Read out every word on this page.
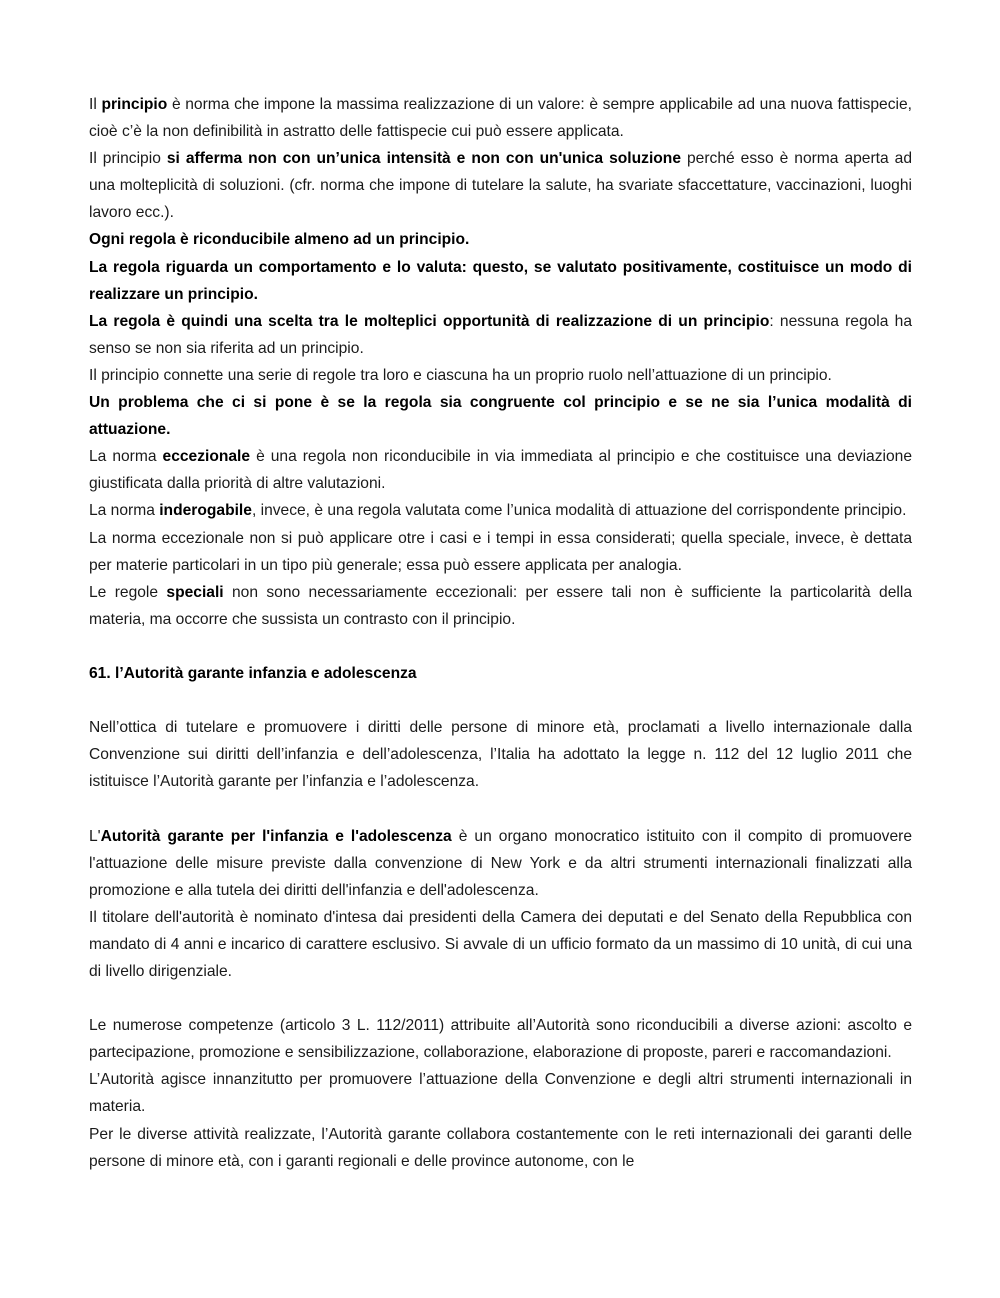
Il principio è norma che impone la massima realizzazione di un valore: è sempre applicabile ad una nuova fattispecie, cioè c’è la non definibilità in astratto delle fattispecie cui può essere applicata.

Il principio si afferma non con un’unica intensità e non con un'unica soluzione perché esso è norma aperta ad una molteplicità di soluzioni. (cfr. norma che impone di tutelare la salute, ha svariate sfaccettature, vaccinazioni, luoghi lavoro ecc.).

Ogni regola è riconducibile almeno ad un principio.

La regola riguarda un comportamento e lo valuta: questo, se valutato positivamente, costituisce un modo di realizzare un principio.

La regola è quindi una scelta tra le molteplici opportunità di realizzazione di un principio: nessuna regola ha senso se non sia riferita ad un principio.

Il principio connette una serie di regole tra loro e ciascuna ha un proprio ruolo nell’attuazione di un principio.

Un problema che ci si pone è se la regola sia congruente col principio e se ne sia l’unica modalità di attuazione.

La norma eccezionale è una regola non riconducibile in via immediata al principio e che costituisce una deviazione giustificata dalla priorità di altre valutazioni.

La norma inderogabile, invece, è una regola valutata come l’unica modalità di attuazione del corrispondente principio.

La norma eccezionale non si può applicare otre i casi e i tempi in essa considerati; quella speciale, invece, è dettata per materie particolari in un tipo più generale; essa può essere applicata per analogia.

Le regole speciali non sono necessariamente eccezionali: per essere tali non è sufficiente la particolarità della materia, ma occorre che sussista un contrasto con il principio.

61. l’Autorità garante infanzia e adolescenza

Nell’ottica di tutelare e promuovere i diritti delle persone di minore età, proclamati a livello internazionale dalla Convenzione sui diritti dell’infanzia e dell’adolescenza, l’Italia ha adottato la legge n. 112 del 12 luglio 2011 che istituisce l’Autorità garante per l’infanzia e l’adolescenza.

L'Autorità garante per l'infanzia e l'adolescenza è un organo monocratico istituito con il compito di promuovere l'attuazione delle misure previste dalla convenzione di New York e da altri strumenti internazionali finalizzati alla promozione e alla tutela dei diritti dell'infanzia e dell'adolescenza.

Il titolare dell'autorità è nominato d'intesa dai presidenti della Camera dei deputati e del Senato della Repubblica con mandato di 4 anni e incarico di carattere esclusivo. Si avvale di un ufficio formato da un massimo di 10 unità, di cui una di livello dirigenziale.

Le numerose competenze (articolo 3 L. 112/2011) attribuite all’Autorità sono riconducibili a diverse azioni: ascolto e partecipazione, promozione e sensibilizzazione, collaborazione, elaborazione di proposte, pareri e raccomandazioni.

L’Autorità agisce innanzitutto per promuovere l’attuazione della Convenzione e degli altri strumenti internazionali in materia.

Per le diverse attività realizzate, l’Autorità garante collabora costantemente con le reti internazionali dei garanti delle persone di minore età, con i garanti regionali e delle province autonome, con le
